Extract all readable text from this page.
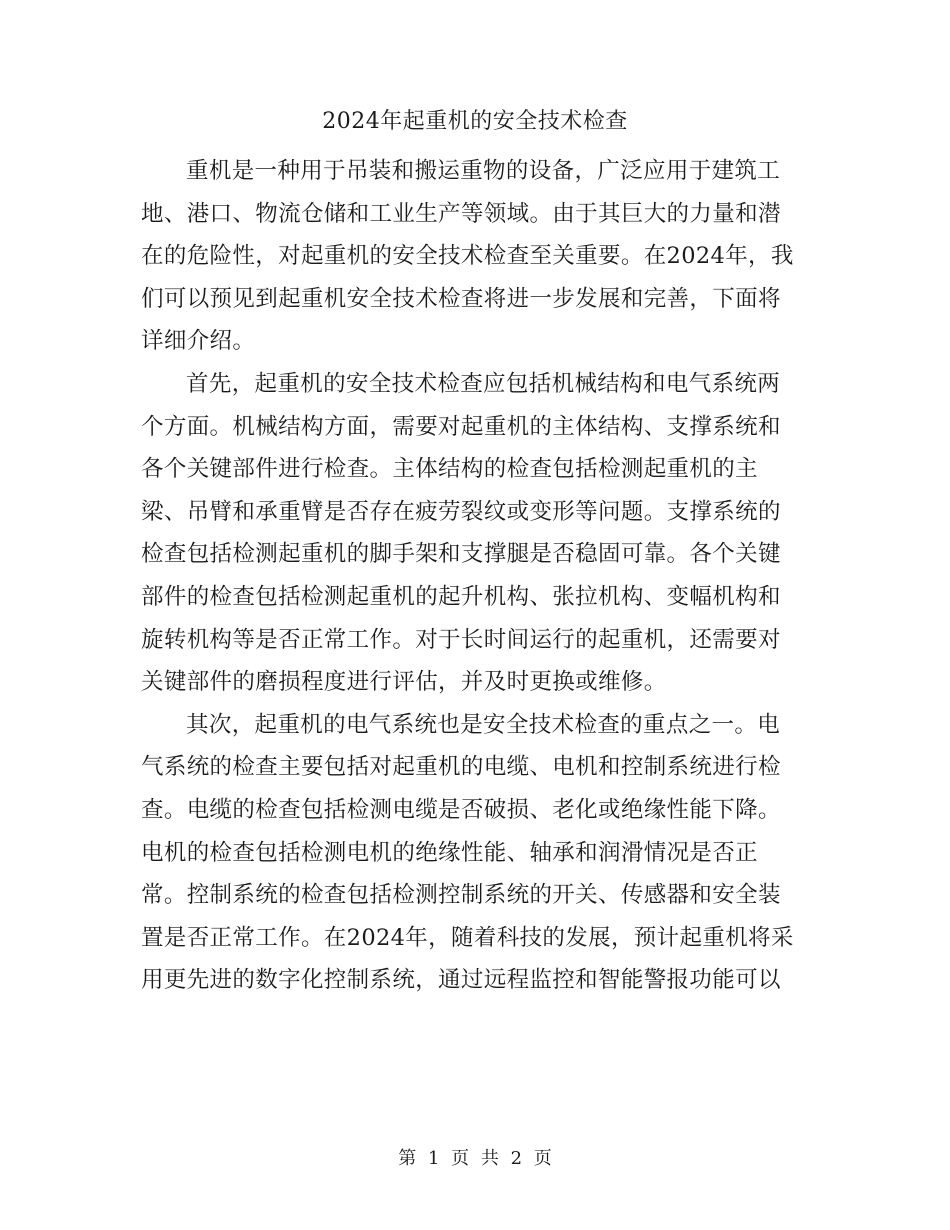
2024年起重机的安全技术检查
重机是一种用于吊装和搬运重物的设备，广泛应用于建筑工
地、港口、物流仓储和工业生产等领域。由于其巨大的力量和潜
在的危险性，对起重机的安全技术检查至关重要。在2024年，我
们可以预见到起重机安全技术检查将进一步发展和完善，下面将
详细介绍。
首先，起重机的安全技术检查应包括机械结构和电气系统两
个方面。机械结构方面，需要对起重机的主体结构、支撑系统和
各个关键部件进行检查。主体结构的检查包括检测起重机的主
梁、吊臂和承重臂是否存在疲劳裂纹或变形等问题。支撑系统的
检查包括检测起重机的脚手架和支撑腿是否稳固可靠。各个关键
部件的检查包括检测起重机的起升机构、张拉机构、变幅机构和
旋转机构等是否正常工作。对于长时间运行的起重机，还需要对
关键部件的磨损程度进行评估，并及时更换或维修。
其次，起重机的电气系统也是安全技术检查的重点之一。电
气系统的检查主要包括对起重机的电缆、电机和控制系统进行检
查。电缆的检查包括检测电缆是否破损、老化或绝缘性能下降。
电机的检查包括检测电机的绝缘性能、轴承和润滑情况是否正
常。控制系统的检查包括检测控制系统的开关、传感器和安全装
置是否正常工作。在2024年，随着科技的发展，预计起重机将采
用更先进的数字化控制系统，通过远程监控和智能警报功能可以
第 1 页 共 2 页
